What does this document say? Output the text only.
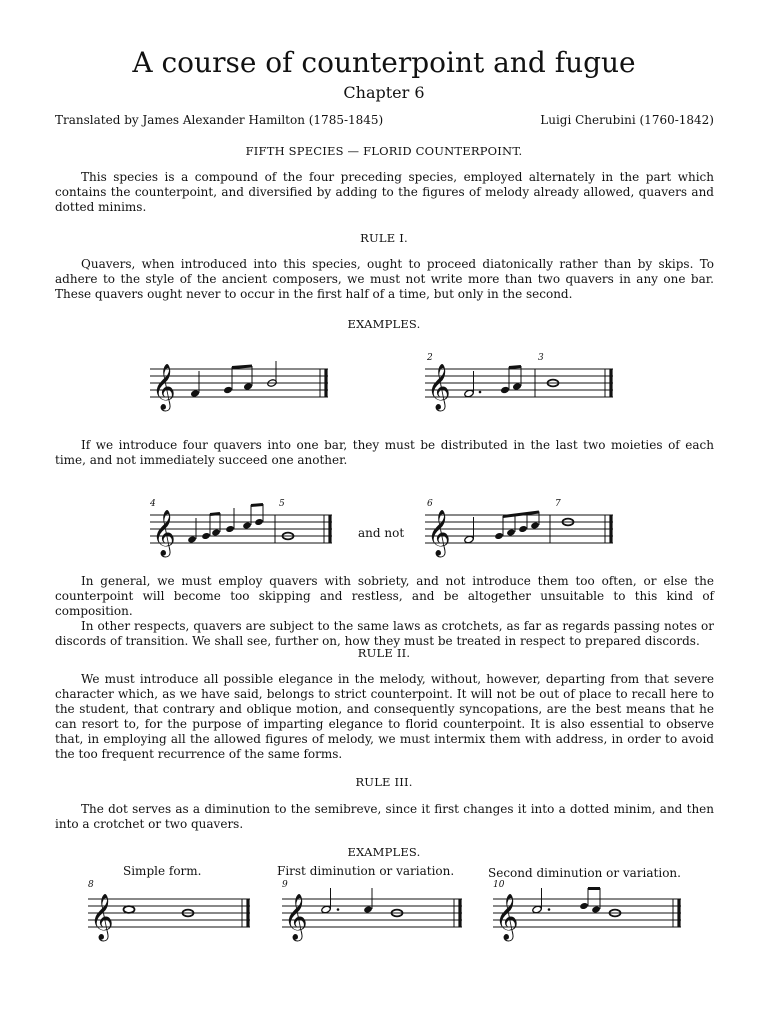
A course of counterpoint and fugue
Chapter 6
Translated by James Alexander Hamilton (1785-1845)	Luigi Cherubini (1760-1842)
FIFTH SPECIES — FLORID COUNTERPOINT.

This species is a compound of the four preceding species, employed alternately in the part which contains the counterpoint, and diversified by adding to the figures of melody already allowed, quavers and dotted minims.

RULE I.

Quavers, when introduced into this species, ought to proceed diatonically rather than by skips. To adhere to the style of the ancient composers, we must not write more than two quavers in any one bar. These quavers ought never to occur in the first half of a time, but only in the second.

EXAMPLES.
𝄞
2	3
𝄞

If we introduce four quavers into one bar, they must be distributed in the last two moieties of each time, and not immediately succeed one another.

4	5
𝄞	and not
6	7
𝄞

In general, we must employ quavers with sobriety, and not introduce them too often, or else the counterpoint will become too skipping and restless, and be altogether unsuitable to this kind of composition.

In other respects, quavers are subject to the same laws as crotchets, as far as regards passing notes or discords of transition. We shall see, further on, how they must be treated in respect to prepared discords.

RULE II.

We must introduce all possible elegance in the melody, without, however, departing from that severe character which, as we have said, belongs to strict counterpoint. It will not be out of place to recall here to the student, that contrary and oblique motion, and consequently syncopations, are the best means that he can resort to, for the purpose of imparting elegance to florid counterpoint. It is also essential to observe that, in employing all the allowed figures of melody, we must intermix them with address, in order to avoid the too frequent recurrence of the same forms.

RULE III.

The dot serves as a diminution to the semibreve, since it first changes it into a dotted minim, and then into a crotchet or two quavers.

EXAMPLES.
Simple form.	First diminution or variation.	Second diminution or variation.
8
𝄞
9
𝄞
10
𝄞
